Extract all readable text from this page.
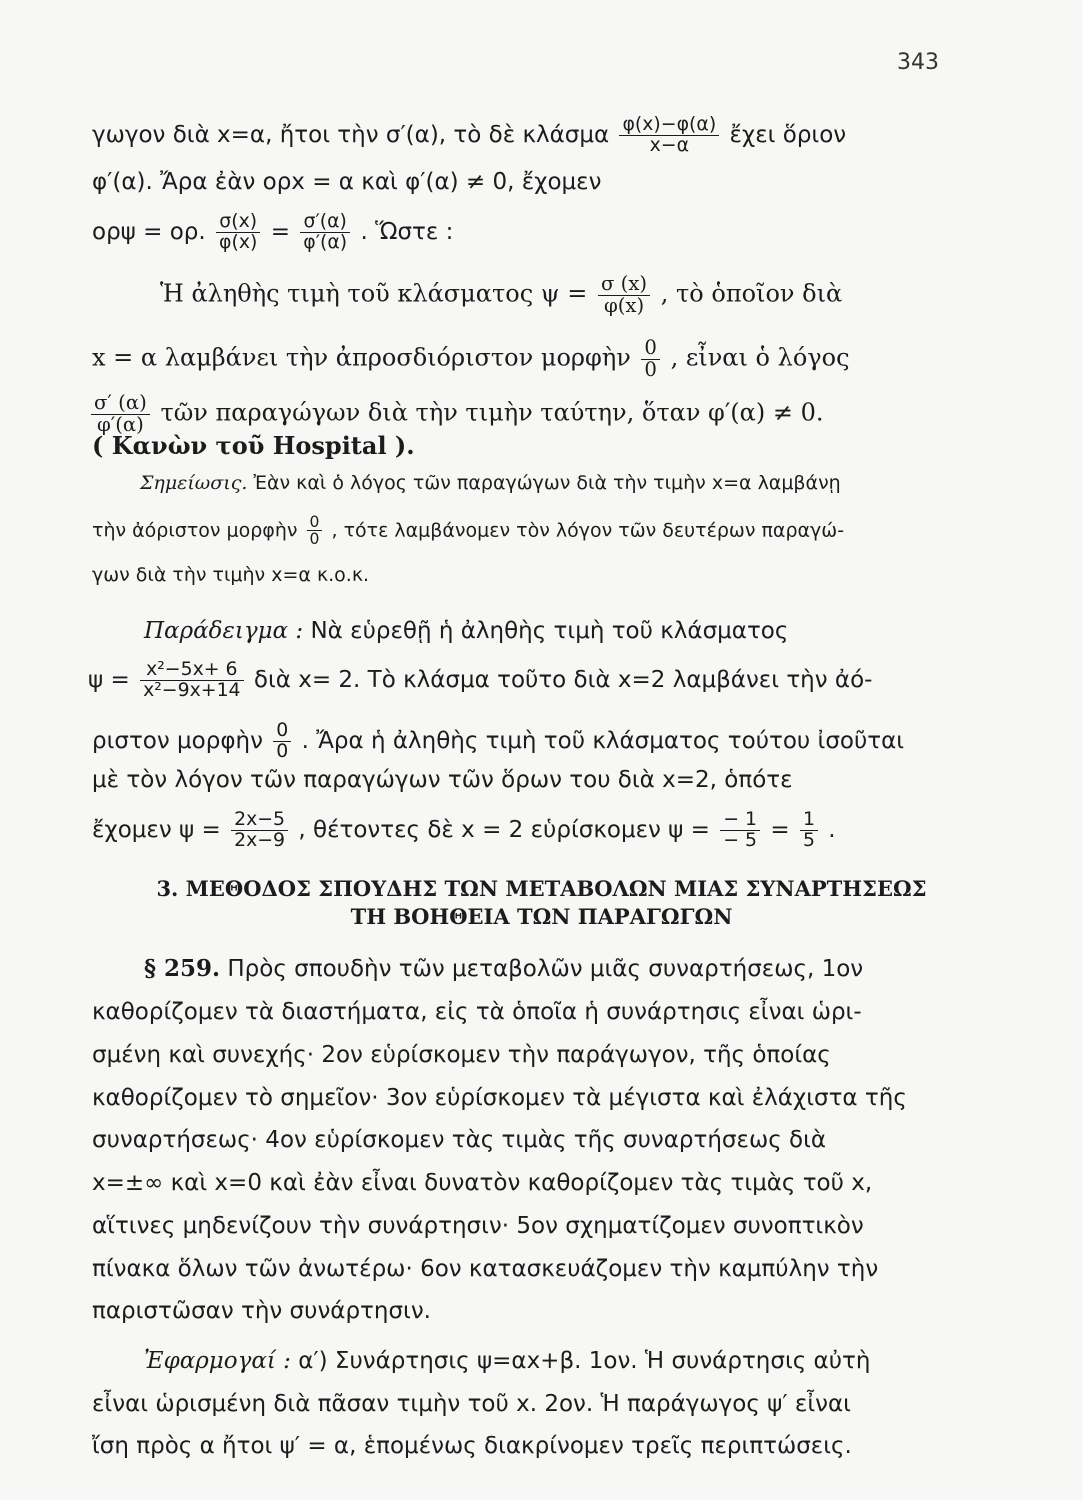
343
γωγον διὰ x=α, ἤτοι τὴν σ′(α), τὸ δὲ κλάσμα $\frac{\varphi(x)-\varphi(\alpha)}{x-\alpha}$ ἔχει ὅριον
φ′(α). Ἄρα ἐὰν ορx = α καὶ φ′(α) ≠ 0, ἔχομεν
ορψ = ορ. $\frac{\sigma(x)}{\varphi(x)} = \frac{\sigma'(\alpha)}{\varphi'(\alpha)}$ . Ὥστε :
Ἡ ἀληθὴς τιμὴ τοῦ κλάσματος $\psi = \frac{\sigma (x)}{\varphi(x)}$ , τὸ ὁποῖον διὰ
x = α λαμβάνει τὴν ἀπροσδιόριστον μορφὴν $\frac{0}{0}$ , εἶναι ὁ λόγος
$\frac{\sigma' (\alpha)}{\varphi'(\alpha)}$ τῶν παραγώγων διὰ τὴν τιμὴν ταύτην, ὅταν φ′(α) ≠ 0.
( Κανὼν τοῦ Hospital ).
Σημείωσις. Ἐὰν καὶ ὁ λόγος τῶν παραγώγων διὰ τὴν τιμὴν x=α λαμβάνῃ
τὴν ἀόριστον μορφὴν $\frac{0}{0}$ , τότε λαμβάνομεν τὸν λόγον τῶν δευτέρων παραγώ-
γων διὰ τὴν τιμὴν x=α κ.ο.κ.
Παράδειγμα : Νὰ εὑρεθῇ ἡ ἀληθὴς τιμὴ τοῦ κλάσματος
$\psi = \frac{\text{x²−5x+ 6}}{\text{x²−9x+14}}$ διὰ x= 2. Τὸ κλάσμα τοῦτο διὰ x=2 λαμβάνει τὴν ἀό-
ριστον μορφὴν $\frac{0}{0}$ . Ἄρα ἡ ἀληθὴς τιμὴ τοῦ κλάσματος τούτου ἰσοῦται
μὲ τὸν λόγον τῶν παραγώγων τῶν ὅρων του διὰ x=2, ὁπότε
ἔχομεν $\psi = \frac{2x-5}{2x-9}$ , θέτοντες δὲ x = 2 εὑρίσκομεν $\psi = \frac{- 1}{- 5} = \frac{1}{5}$ .
3. ΜΕΘΟΔΟΣ ΣΠΟΥΔΗΣ ΤΩΝ ΜΕΤΑΒΟΛΩΝ ΜΙΑΣ ΣΥΝΑΡΤΗΣΕΩΣ
ΤΗ ΒΟΗΘΕΙΑ ΤΩΝ ΠΑΡΑΓΩΓΩΝ
§ 259. Πρὸς σπουδὴν τῶν μεταβολῶν μιᾶς συναρτήσεως, 1ον
καθορίζομεν τὰ διαστήματα, εἰς τὰ ὁποῖα ἡ συνάρτησις εἶναι ὡρι-
σμένη καὶ συνεχής· 2ον εὑρίσκομεν τὴν παράγωγον, τῆς ὁποίας
καθορίζομεν τὸ σημεῖον· 3ον εὑρίσκομεν τὰ μέγιστα καὶ ἐλάχιστα τῆς
συναρτήσεως· 4ον εὑρίσκομεν τὰς τιμὰς τῆς συναρτήσεως διὰ
x=±∞ καὶ x=0 καὶ ἐὰν εἶναι δυνατὸν καθορίζομεν τὰς τιμὰς τοῦ x,
αἵτινες μηδενίζουν τὴν συνάρτησιν· 5ον σχηματίζομεν συνοπτικὸν
πίνακα ὅλων τῶν ἀνωτέρω· 6ον κατασκευάζομεν τὴν καμπύλην τὴν
παριστῶσαν τὴν συνάρτησιν.
Ἐφαρμογαί : α′) Συνάρτησις ψ=αx+β. 1ον. Ἡ συνάρτησις αὐτὴ
εἶναι ὡρισμένη διὰ πᾶσαν τιμὴν τοῦ x. 2ον. Ἡ παράγωγος ψ′ εἶναι
ἴση πρὸς α ἤτοι ψ′ = α, ἑπομένως διακρίνομεν τρεῖς περιπτώσεις.
